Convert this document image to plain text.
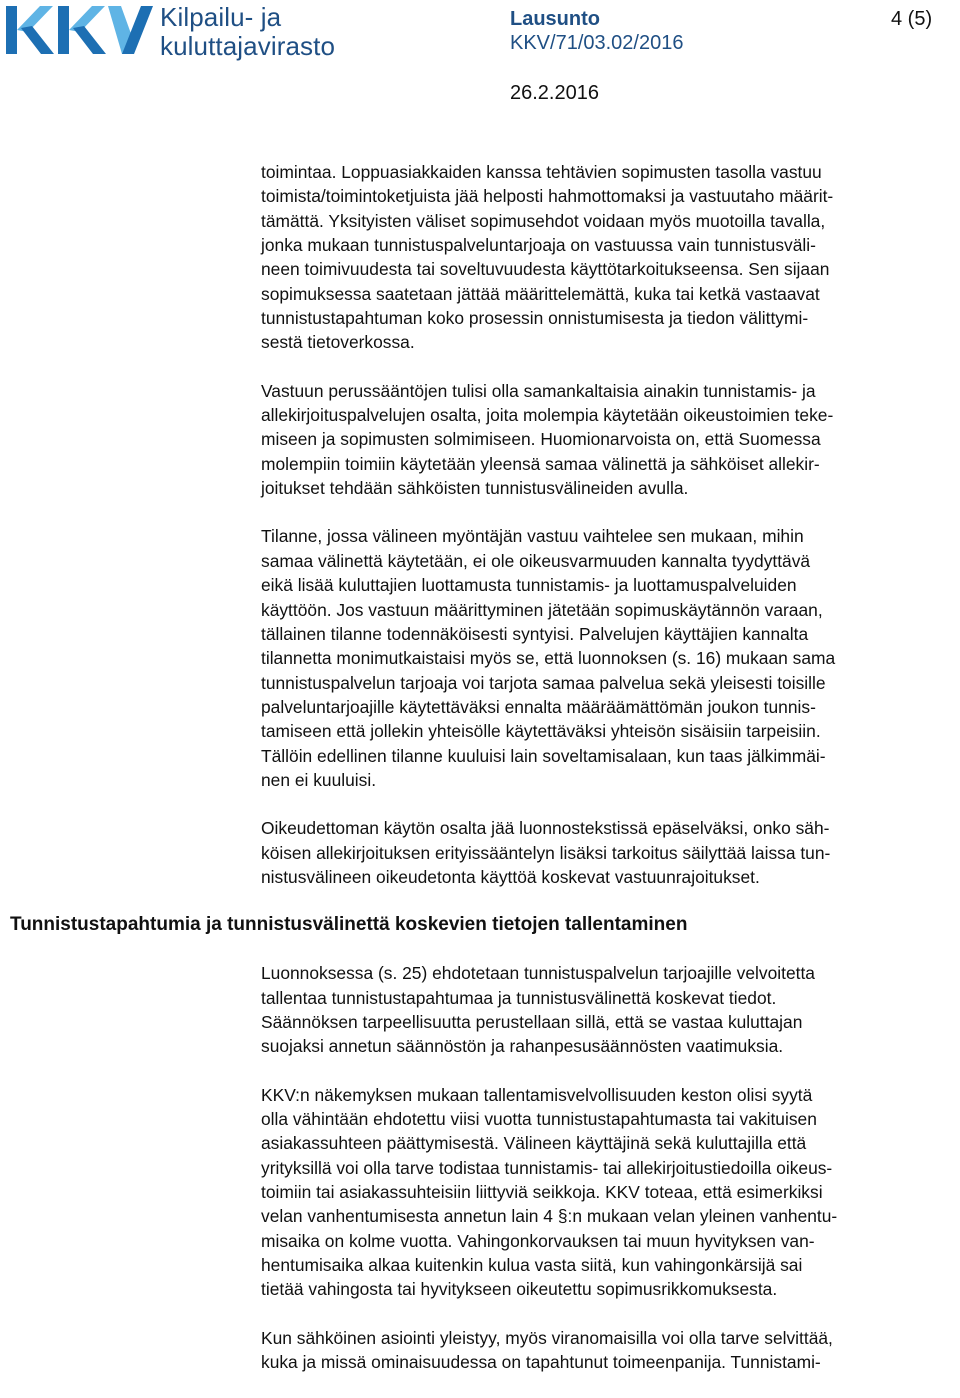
Kilpailu- ja
kuluttajavirasto
Lausunto	4 (5)
KKV/71/03.02/2016
26.2.2016
toimintaa. Loppuasiakkaiden kanssa tehtävien sopimusten tasolla vastuu
toimista/toimintoketjuista jää helposti hahmottomaksi ja vastuutaho määrit-
tämättä. Yksityisten väliset sopimusehdot voidaan myös muotoilla tavalla,
jonka mukaan tunnistuspalveluntarjoaja on vastuussa vain tunnistusväli-
neen toimivuudesta tai soveltuvuudesta käyttötarkoitukseensa. Sen sijaan
sopimuksessa saatetaan jättää määrittelemättä, kuka tai ketkä vastaavat
tunnistustapahtuman koko prosessin onnistumisesta ja tiedon välittymi-
sestä tietoverkossa.
Vastuun perussääntöjen tulisi olla samankaltaisia ainakin tunnistamis- ja
allekirjoituspalvelujen osalta, joita molempia käytetään oikeustoimien teke-
miseen ja sopimusten solmimiseen. Huomionarvoista on, että Suomessa
molempiin toimiin käytetään yleensä samaa välinettä ja sähköiset allekir-
joitukset tehdään sähköisten tunnistusvälineiden avulla.
Tilanne, jossa välineen myöntäjän vastuu vaihtelee sen mukaan, mihin
samaa välinettä käytetään, ei ole oikeusvarmuuden kannalta tyydyttävä
eikä lisää kuluttajien luottamusta tunnistamis- ja luottamuspalveluiden
käyttöön. Jos vastuun määrittyminen jätetään sopimuskäytännön varaan,
tällainen tilanne todennäköisesti syntyisi. Palvelujen käyttäjien kannalta
tilannetta monimutkaistaisi myös se, että luonnoksen (s. 16) mukaan sama
tunnistuspalvelun tarjoaja voi tarjota samaa palvelua sekä yleisesti toisille
palveluntarjoajille käytettäväksi ennalta määräämättömän joukon tunnis-
tamiseen että jollekin yhteisölle käytettäväksi yhteisön sisäisiin tarpeisiin.
Tällöin edellinen tilanne kuuluisi lain soveltamisalaan, kun taas jälkimmäi-
nen ei kuuluisi.
Oikeudettoman käytön osalta jää luonnostekstissä epäselväksi, onko säh-
köisen allekirjoituksen erityissääntelyn lisäksi tarkoitus säilyttää laissa tun-
nistusvälineen oikeudetonta käyttöä koskevat vastuunrajoitukset.
Tunnistustapahtumia ja tunnistusvälinettä koskevien tietojen tallentaminen
Luonnoksessa (s. 25) ehdotetaan tunnistuspalvelun tarjoajille velvoitetta
tallentaa tunnistustapahtumaa ja tunnistusvälinettä koskevat tiedot.
Säännöksen tarpeellisuutta perustellaan sillä, että se vastaa kuluttajan
suojaksi annetun säännöstön ja rahanpesusäännösten vaatimuksia.
KKV:n näkemyksen mukaan tallentamisvelvollisuuden keston olisi syytä
olla vähintään ehdotettu viisi vuotta tunnistustapahtumasta tai vakituisen
asiakassuhteen päättymisestä. Välineen käyttäjinä sekä kuluttajilla että
yrityksillä voi olla tarve todistaa tunnistamis- tai allekirjoitustiedoilla oikeus-
toimiin tai asiakassuhteisiin liittyviä seikkoja. KKV toteaa, että esimerkiksi
velan vanhentumisesta annetun lain 4 §:n mukaan velan yleinen vanhentu-
misaika on kolme vuotta. Vahingonkorvauksen tai muun hyvityksen van-
hentumisaika alkaa kuitenkin kulua vasta siitä, kun vahingonkärsijä sai
tietää vahingosta tai hyvitykseen oikeutettu sopimusrikkomuksesta.
Kun sähköinen asiointi yleistyy, myös viranomaisilla voi olla tarve selvittää,
kuka ja missä ominaisuudessa on tapahtunut toimeenpanija. Tunnistami-
